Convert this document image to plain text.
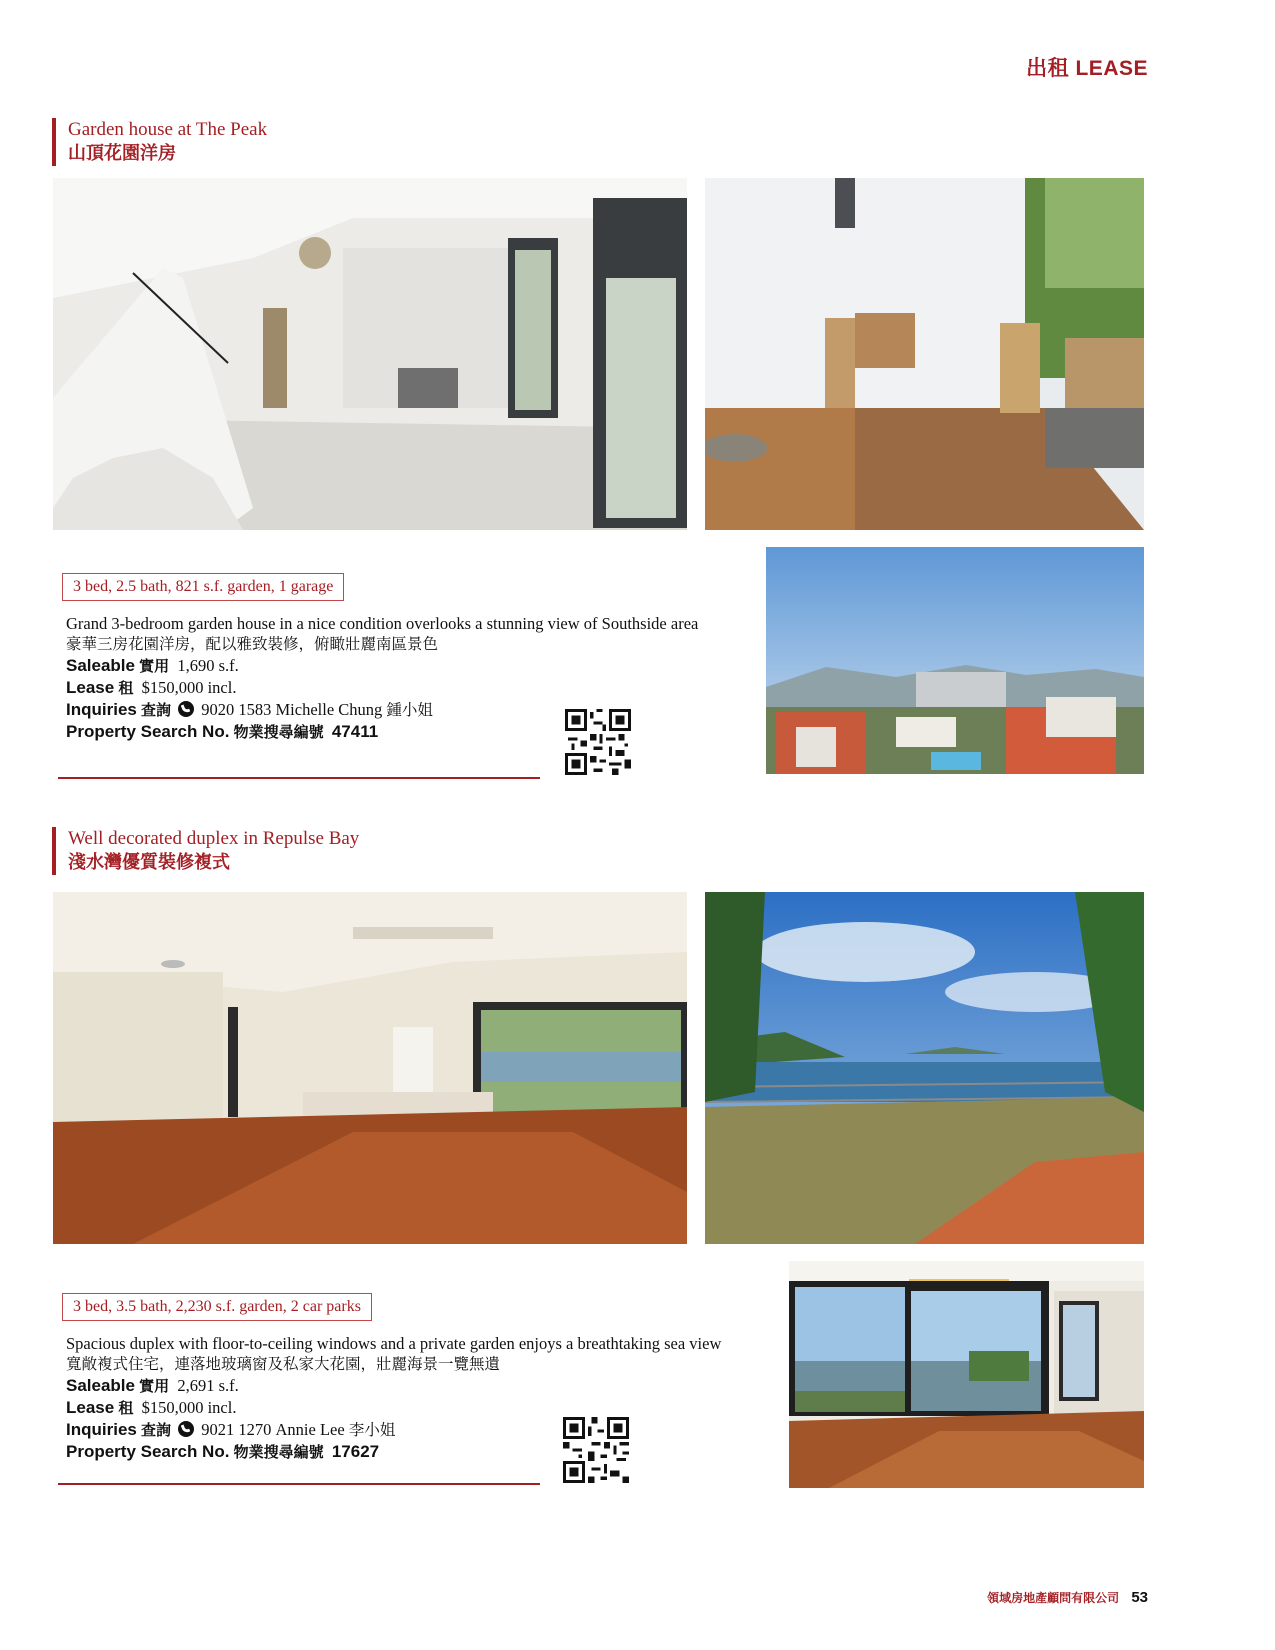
出租 LEASE
Garden house at The Peak
山頂花園洋房
3 bed, 2.5 bath, 821 s.f. garden, 1 garage
Grand 3-bedroom garden house in a nice condition overlooks a stunning view of Southside area
豪華三房花園洋房，配以雅致裝修，俯瞰壯麗南區景色
Saleable 實用 1,690 s.f.
Lease 租 $150,000 incl.
Inquiries 查詢 9020 1583 Michelle Chung 鍾小姐
Property Search No. 物業搜尋編號 47411
Well decorated duplex in Repulse Bay
淺水灣優質裝修複式
3 bed, 3.5 bath, 2,230 s.f. garden, 2 car parks
Spacious duplex with floor-to-ceiling windows and a private garden enjoys a breathtaking sea view
寬敞複式住宅，連落地玻璃窗及私家大花園，壯麗海景一覽無遺
Saleable 實用 2,691 s.f.
Lease 租 $150,000 incl.
Inquiries 查詢 9021 1270 Annie Lee 李小姐
Property Search No. 物業搜尋編號 17627
領域房地產顧問有限公司 53
